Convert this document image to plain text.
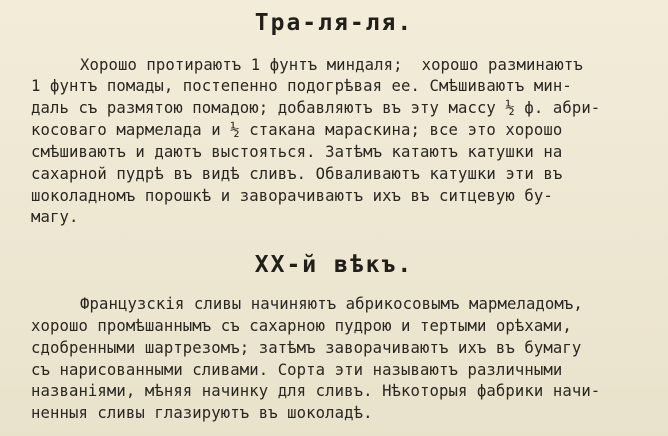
Тра-ля-ля.
Хорошо протираютъ 1 фунтъ миндаля;  хорошо разминаютъ
1 фунтъ помады, постепенно подогрѣвая ее. Смѣшиваютъ мин-
даль съ размятою помадою; добавляютъ въ эту массу ½ ф. абри-
косоваго мармелада и ½ стакана мараскина; все это хорошо
смѣшиваютъ и даютъ выстояться. Затѣмъ катаютъ катушки на
сахарной пудрѣ въ видѣ сливъ. Обваливаютъ катушки эти въ
шоколадномъ порошкѣ и заворачиваютъ ихъ въ ситцевую бу-
магу.
XX-й вѣкъ.
Французскія сливы начиняютъ абрикосовымъ мармеладомъ,
хорошо промѣшаннымъ съ сахарною пудрою и тертыми орѣхами,
сдобренными шартрезомъ; затѣмъ заворачиваютъ ихъ въ бумагу
съ нарисованными сливами. Сорта эти называютъ различными
названіями, мѣняя начинку для сливъ. Нѣкоторыя фабрики начи-
ненныя сливы глазируютъ въ шоколадѣ.
